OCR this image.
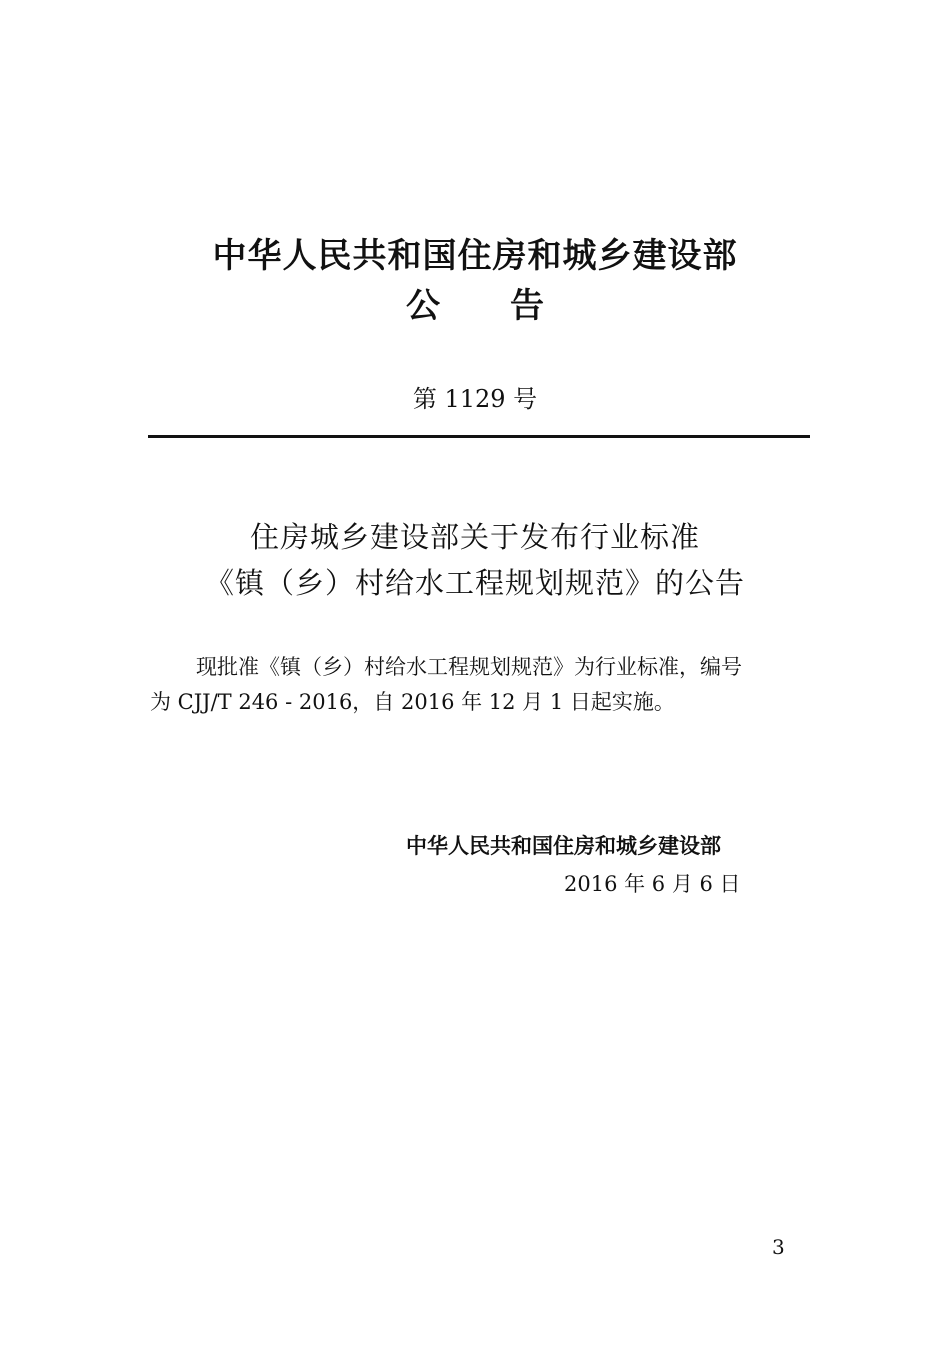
中华人民共和国住房和城乡建设部
公告
第 1129 号
住房城乡建设部关于发布行业标准
《镇（乡）村给水工程规划规范》的公告
现批准《镇（乡）村给水工程规划规范》为行业标准，编号
为 CJJ/T 246 - 2016，自 2016 年 12 月 1 日起实施。
中华人民共和国住房和城乡建设部
2016 年 6 月 6 日
3
